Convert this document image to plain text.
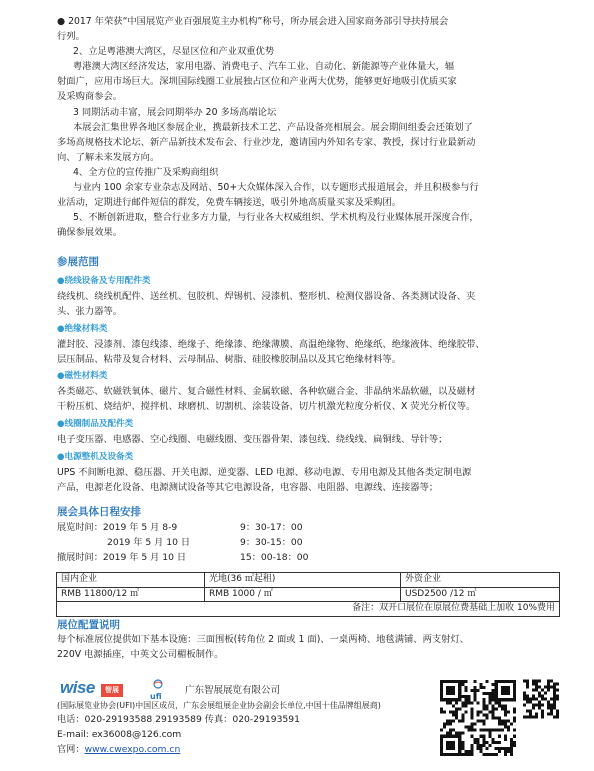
● 2017 年荣获“中国展览产业百强展览主办机构”称号，所办展会进入国家商务部引导扶持展会
行列。
2、立足粤港澳大湾区，尽显区位和产业双重优势
粤港澳大湾区经济发达，家用电器、消费电子、汽车工业、自动化、新能源等产业体量大，辐
射面广，应用市场巨大。深圳国际线圈工业展独占区位和产业两大优势，能够更好地吸引优质买家
及采购商参会。
3 同期活动丰富，展会同期举办 20 多场高端论坛
本展会汇集世界各地区参展企业，携最新技术工艺、产品设备亮相展会。展会期间组委会还策划了
多场高规格技术论坛、新产品新技术发布会、行业沙龙，邀请国内外知名专家、教授，探讨行业最新动
向、了解未来发展方向。
4、全方位的宣传推广及采购商组织
与业内 100 余家专业杂志及网站、50+大众媒体深入合作，以专题形式报道展会，并且积极参与行
业活动，定期进行邮件短信的群发，免费车辆接送，吸引外地高质量买家及采购团。
5、不断创新进取，整合行业多方力量，与行业各大权威组织、学术机构及行业媒体展开深度合作，
确保参展效果。
参展范围
●绕线设备及专用配件类
绕线机、绕线机配件、送丝机、包胶机、焊锡机、浸漆机、整形机、检测仪器设备、各类测试设备、夹
头、张力器等。
●绝缘材料类
灌封胶、浸漆剂、漆包线漆、绝缘子、绝缘漆、绝缘薄膜、高温绝缘物、绝缘纸、绝缘液体、绝缘胶带、
层压制品、粘带及复合材料、云母制品、树脂、硅胶橡胶制品以及其它绝缘材料等。
●磁性材料类
各类磁芯、软磁铁氧体、磁片、复合磁性材料、金属软磁、各种软磁合金、非晶纳米晶软磁，以及磁材
干粉压机、烧结炉、搅拌机、球磨机、切割机、涂装设备、切片机激光粒度分析仪、X 荧光分析仪等。
●线圈制品及配件类
电子变压器、电感器、空心线圈、电磁线圈、变压器骨架、漆包线、绕线线、扁铜线、导针等；
●电源整机及设备类
UPS 不间断电源、稳压器、开关电源、逆变器、LED 电源、移动电源、专用电源及其他各类定制电源
产品，电源老化设备、电源测试设备等其它电源设备，电容器、电阻器、电源线、连接器等；
展会具体日程安排
展览时间：2019 年 5 月 8-9	9：30-17：00
2019 年 5 月 10 日	9：30-15：00
撤展时间：2019 年 5 月 10 日	15：00-18：00
国内企业	光地(36 ㎡起租)	外资企业
RMB 11800/12 ㎡	RMB 1000 / ㎡	USD2500 /12 ㎡
备注：双开口展位在原展位费基础上加收 10%费用		
展位配置说明
每个标准展位提供如下基本设施：三面围板(转角位 2 面或 1 面)、一桌两椅、地毯满铺、两支射灯、
220V 电源插座，中英文公司楣板制作。
wise	智展
ufi
广东智展展览有限公司
(国际展览业协会(UFI)中国区成员，广东会展组展企业协会副会长单位,中国十佳品牌组展商)
电话：020-29193588 29193589 传真：020-29193591
E-mail: ex36008@126.com
官网：www.cwexpo.com.cn
